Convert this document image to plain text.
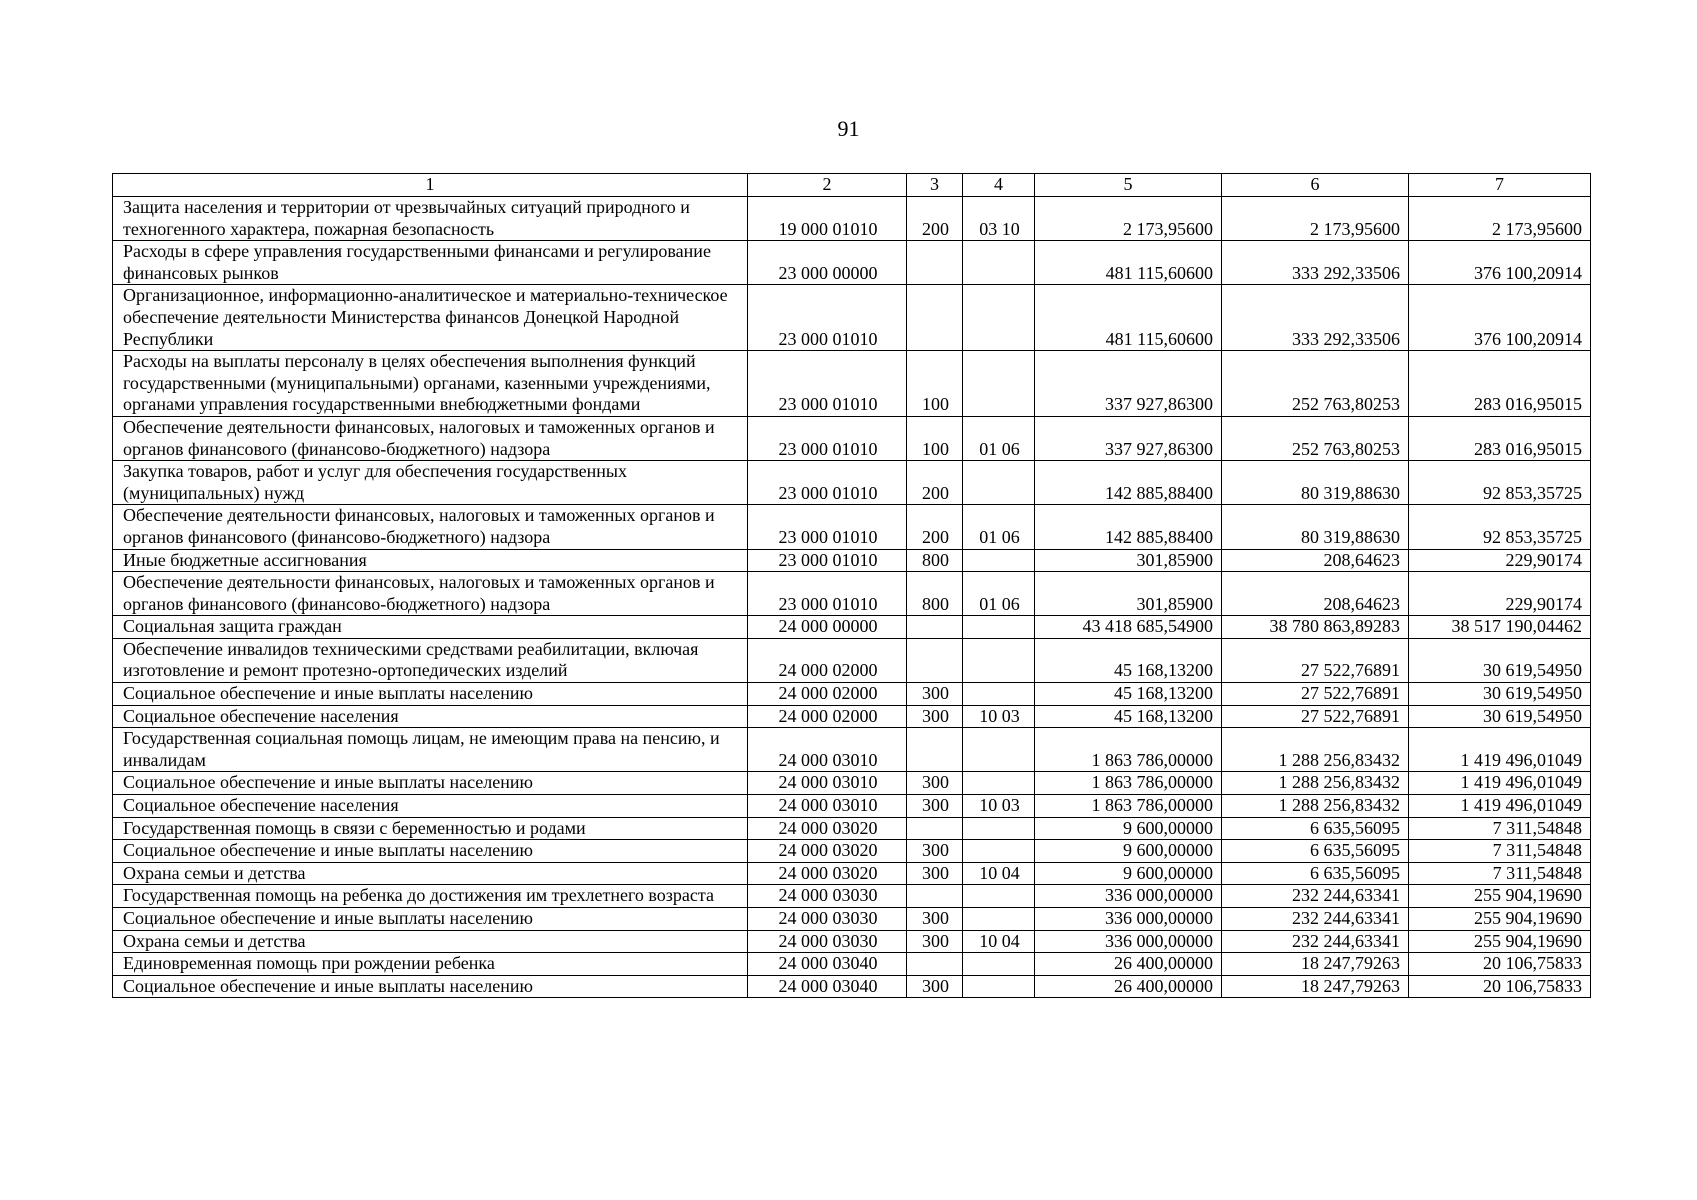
91
1	2	3	4	5	6	7
Защита населения и территории от чрезвычайных ситуаций природного и техногенного характера, пожарная безопасность	19 000 01010	200	03 10	2 173,95600	2 173,95600	2 173,95600
Расходы в сфере управления государственными финансами и регулирование финансовых рынков	23 000 00000			481 115,60600	333 292,33506	376 100,20914
Организационное, информационно-аналитическое и материально-техническое обеспечение деятельности Министерства финансов Донецкой Народной Республики	23 000 01010			481 115,60600	333 292,33506	376 100,20914
Расходы на выплаты персоналу в целях обеспечения выполнения функций государственными (муниципальными) органами, казенными учреждениями, органами управления государственными внебюджетными фондами	23 000 01010	100		337 927,86300	252 763,80253	283 016,95015
Обеспечение деятельности финансовых, налоговых и таможенных органов и органов финансового (финансово-бюджетного) надзора	23 000 01010	100	01 06	337 927,86300	252 763,80253	283 016,95015
Закупка товаров, работ и услуг для обеспечения государственных (муниципальных) нужд	23 000 01010	200		142 885,88400	80 319,88630	92 853,35725
Обеспечение деятельности финансовых, налоговых и таможенных органов и органов финансового (финансово-бюджетного) надзора	23 000 01010	200	01 06	142 885,88400	80 319,88630	92 853,35725
Иные бюджетные ассигнования	23 000 01010	800		301,85900	208,64623	229,90174
Обеспечение деятельности финансовых, налоговых и таможенных органов и органов финансового (финансово-бюджетного) надзора	23 000 01010	800	01 06	301,85900	208,64623	229,90174
Социальная защита граждан	24 000 00000			43 418 685,54900	38 780 863,89283	38 517 190,04462
Обеспечение инвалидов техническими средствами реабилитации, включая изготовление и ремонт протезно-ортопедических изделий	24 000 02000			45 168,13200	27 522,76891	30 619,54950
Социальное обеспечение и иные выплаты населению	24 000 02000	300		45 168,13200	27 522,76891	30 619,54950
Социальное обеспечение населения	24 000 02000	300	10 03	45 168,13200	27 522,76891	30 619,54950
Государственная социальная помощь лицам, не имеющим права на пенсию, и инвалидам	24 000 03010			1 863 786,00000	1 288 256,83432	1 419 496,01049
Социальное обеспечение и иные выплаты населению	24 000 03010	300		1 863 786,00000	1 288 256,83432	1 419 496,01049
Социальное обеспечение населения	24 000 03010	300	10 03	1 863 786,00000	1 288 256,83432	1 419 496,01049
Государственная помощь в связи с беременностью и родами	24 000 03020			9 600,00000	6 635,56095	7 311,54848
Социальное обеспечение и иные выплаты населению	24 000 03020	300		9 600,00000	6 635,56095	7 311,54848
Охрана семьи и детства	24 000 03020	300	10 04	9 600,00000	6 635,56095	7 311,54848
Государственная помощь на ребенка до достижения им трехлетнего возраста	24 000 03030			336 000,00000	232 244,63341	255 904,19690
Социальное обеспечение и иные выплаты населению	24 000 03030	300		336 000,00000	232 244,63341	255 904,19690
Охрана семьи и детства	24 000 03030	300	10 04	336 000,00000	232 244,63341	255 904,19690
Единовременная помощь при рождении ребенка	24 000 03040			26 400,00000	18 247,79263	20 106,75833
Социальное обеспечение и иные выплаты населению	24 000 03040	300		26 400,00000	18 247,79263	20 106,75833
